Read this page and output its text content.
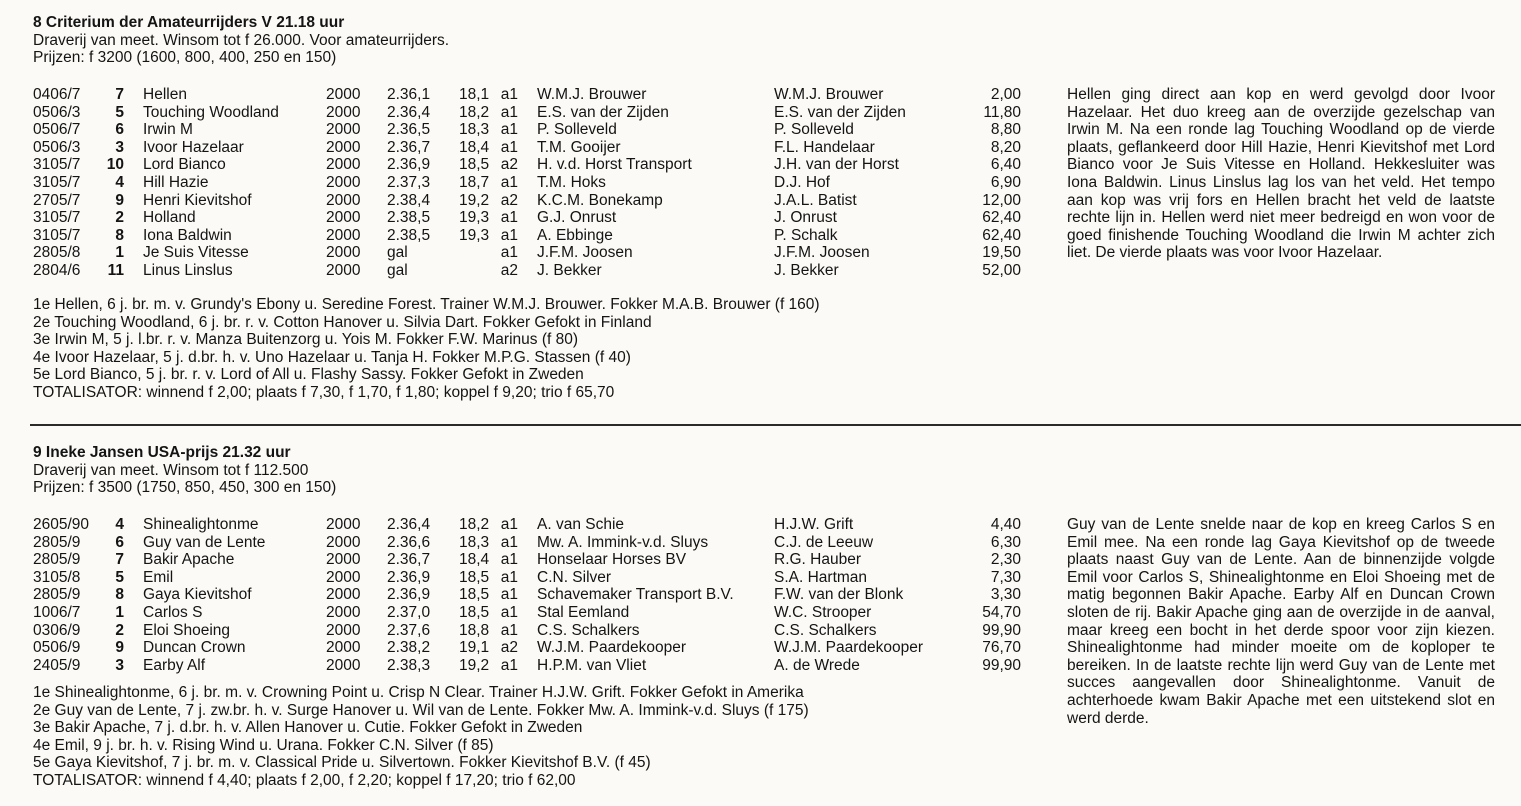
8 Criterium der Amateurrijders V 21.18 uur
Draverij van meet. Winsom tot f 26.000. Voor amateurrijders.
Prijzen: f 3200 (1600, 800, 400, 250 en 150)
0406/7	7 Hellen	2000 2.36,1 18,1 a1 W.M.J. Brouwer	W.M.J. Brouwer	2,00
0506/3	5 Touching Woodland	2000 2.36,4 18,2 a1 E.S. van der Zijden	E.S. van der Zijden	11,80
0506/7	6 Irwin M	2000 2.36,5 18,3 a1 P. Solleveld	P. Solleveld	8,80
0506/3	3 Ivoor Hazelaar	2000 2.36,7 18,4 a1 T.M. Gooijer	F.L. Handelaar	8,20
3105/7	10 Lord Bianco	2000 2.36,9 18,5 a2 H. v.d. Horst Transport	J.H. van der Horst	6,40
3105/7	4 Hill Hazie	2000 2.37,3 18,7 a1 T.M. Hoks	D.J. Hof	6,90
2705/7	9 Henri Kievitshof	2000 2.38,4 19,2 a2 K.C.M. Bonekamp	J.A.L. Batist	12,00
3105/7	2 Holland	2000 2.38,5 19,3 a1 G.J. Onrust	J. Onrust	62,40
3105/7	8 Iona Baldwin	2000 2.38,5 19,3 a1 A. Ebbinge	P. Schalk	62,40
2805/8	1 Je Suis Vitesse	2000 gal	a1 J.F.M. Joosen	J.F.M. Joosen	19,50
2804/6	11 Linus Linslus	2000 gal	a2 J. Bekker	J. Bekker	52,00

Hellen ging direct aan kop en werd gevolgd door Ivoor Hazelaar. Het duo kreeg aan de overzijde gezelschap van Irwin M. Na een ronde lag Touching Woodland op de vierde plaats, geflankeerd door Hill Hazie, Henri Kievitshof met Lord Bianco voor Je Suis Vitesse en Holland. Hekkesluiter was Iona Baldwin. Linus Linslus lag los van het veld. Het tempo aan kop was vrij fors en Hellen bracht het veld de laatste rechte lijn in. Hellen werd niet meer bedreigd en won voor de goed finishende Touching Woodland die Irwin M achter zich liet. De vierde plaats was voor Ivoor Hazelaar.

1e Hellen, 6 j. br. m. v. Grundy's Ebony u. Seredine Forest. Trainer W.M.J. Brouwer. Fokker M.A.B. Brouwer (f 160)
2e Touching Woodland, 6 j. br. r. v. Cotton Hanover u. Silvia Dart. Fokker Gefokt in Finland
3e Irwin M, 5 j. l.br. r. v. Manza Buitenzorg u. Yois M. Fokker F.W. Marinus (f 80)
4e Ivoor Hazelaar, 5 j. d.br. h. v. Uno Hazelaar u. Tanja H. Fokker M.P.G. Stassen (f 40)
5e Lord Bianco, 5 j. br. r. v. Lord of All u. Flashy Sassy. Fokker Gefokt in Zweden
TOTALISATOR: winnend f 2,00; plaats f 7,30, f 1,70, f 1,80; koppel f 9,20; trio f 65,70
9 Ineke Jansen USA-prijs 21.32 uur
Draverij van meet. Winsom tot f 112.500
Prijzen: f 3500 (1750, 850, 450, 300 en 150)
2605/90	4 Shinealightonme	2000 2.36,4 18,2 a1 A. van Schie	H.J.W. Grift	4,40
2805/9	6 Guy van de Lente	2000 2.36,6 18,3 a1 Mw. A. Immink-v.d. Sluys	C.J. de Leeuw	6,30
2805/9	7 Bakir Apache	2000 2.36,7 18,4 a1 Honselaar Horses BV	R.G. Hauber	2,30
3105/8	5 Emil	2000 2.36,9 18,5 a1 C.N. Silver	S.A. Hartman	7,30
2805/9	8 Gaya Kievitshof	2000 2.36,9 18,5 a1 Schavemaker Transport B.V.	F.W. van der Blonk	3,30
1006/7	1 Carlos S	2000 2.37,0 18,5 a1 Stal Eemland	W.C. Strooper	54,70
0306/9	2 Eloi Shoeing	2000 2.37,6 18,8 a1 C.S. Schalkers	C.S. Schalkers	99,90
0506/9	9 Duncan Crown	2000 2.38,2 19,1 a2 W.J.M. Paardekooper	W.J.M. Paardekooper	76,70
2405/9	3 Earby Alf	2000 2.38,3 19,2 a1 H.P.M. van Vliet	A. de Wrede	99,90

Guy van de Lente snelde naar de kop en kreeg Carlos S en Emil mee. Na een ronde lag Gaya Kievitshof op de tweede plaats naast Guy van de Lente. Aan de binnenzijde volgde Emil voor Carlos S, Shinealightonme en Eloi Shoeing met de matig begonnen Bakir Apache. Earby Alf en Duncan Crown sloten de rij. Bakir Apache ging aan de overzijde in de aanval, maar kreeg een bocht in het derde spoor voor zijn kiezen. Shinealightonme had minder moeite om de koploper te bereiken. In de laatste rechte lijn werd Guy van de Lente met succes aangevallen door Shinealightonme. Vanuit de achterhoede kwam Bakir Apache met een uitstekend slot en werd derde.

1e Shinealightonme, 6 j. br. m. v. Crowning Point u. Crisp N Clear. Trainer H.J.W. Grift. Fokker Gefokt in Amerika
2e Guy van de Lente, 7 j. zw.br. h. v. Surge Hanover u. Wil van de Lente. Fokker Mw. A. Immink-v.d. Sluys (f 175)
3e Bakir Apache, 7 j. d.br. h. v. Allen Hanover u. Cutie. Fokker Gefokt in Zweden
4e Emil, 9 j. br. h. v. Rising Wind u. Urana. Fokker C.N. Silver (f 85)
5e Gaya Kievitshof, 7 j. br. m. v. Classical Pride u. Silvertown. Fokker Kievitshof B.V. (f 45)
TOTALISATOR: winnend f 4,40; plaats f 2,00, f 2,20; koppel f 17,20; trio f 62,00
